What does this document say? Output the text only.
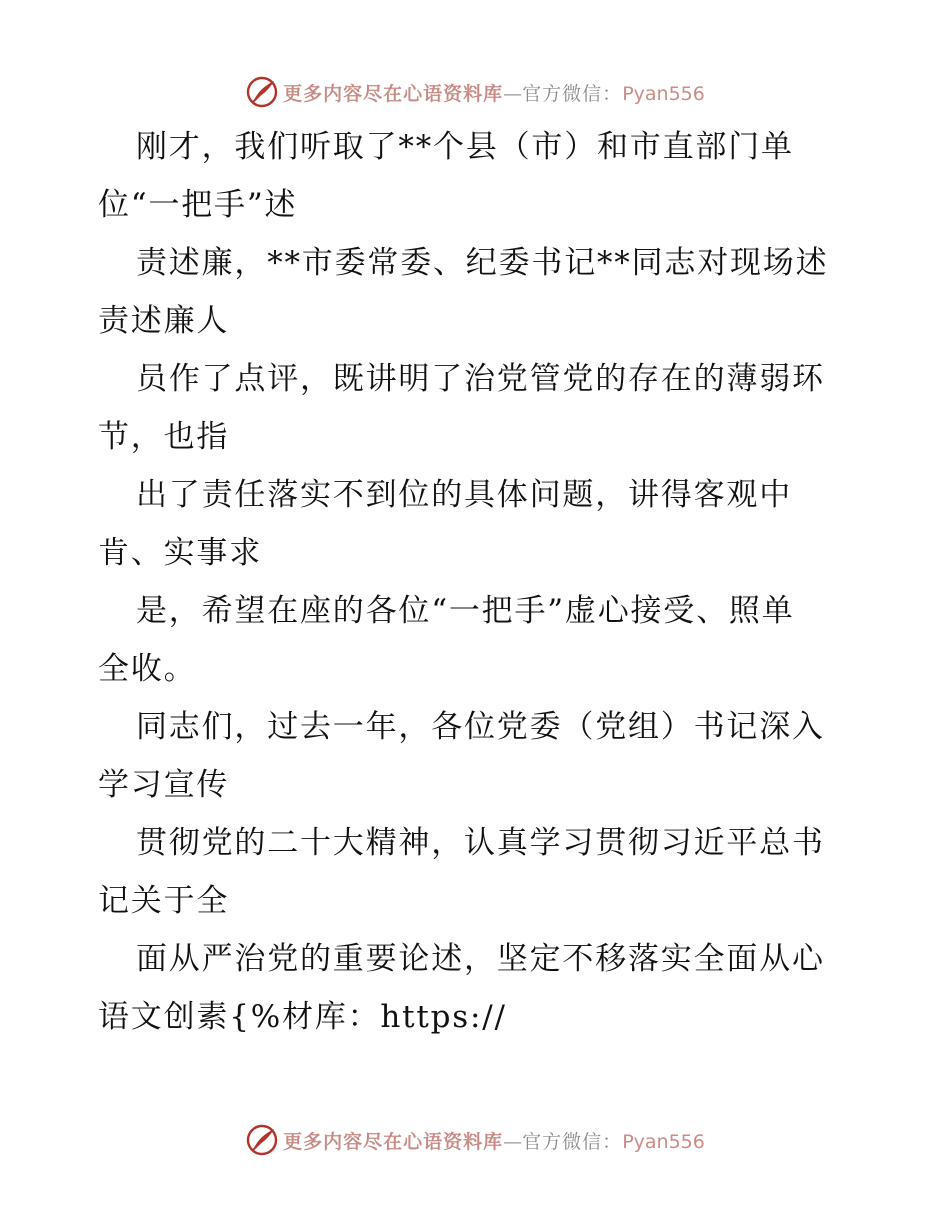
更多内容尽在心语资料库—官方微信：Pyan556
刚才，我们听取了**个县（市）和市直部门单
位“一把手”述
责述廉，**市委常委、纪委书记**同志对现场述
责述廉人
员作了点评，既讲明了治党管党的存在的薄弱环
节，也指
出了责任落实不到位的具体问题，讲得客观中
肯、实事求
是，希望在座的各位“一把手”虚心接受、照单
全收。
同志们，过去一年，各位党委（党组）书记深入
学习宣传
贯彻党的二十大精神，认真学习贯彻习近平总书
记关于全
面从严治党的重要论述，坚定不移落实全面从心
语文创素{%材库：https://
更多内容尽在心语资料库—官方微信：Pyan556
